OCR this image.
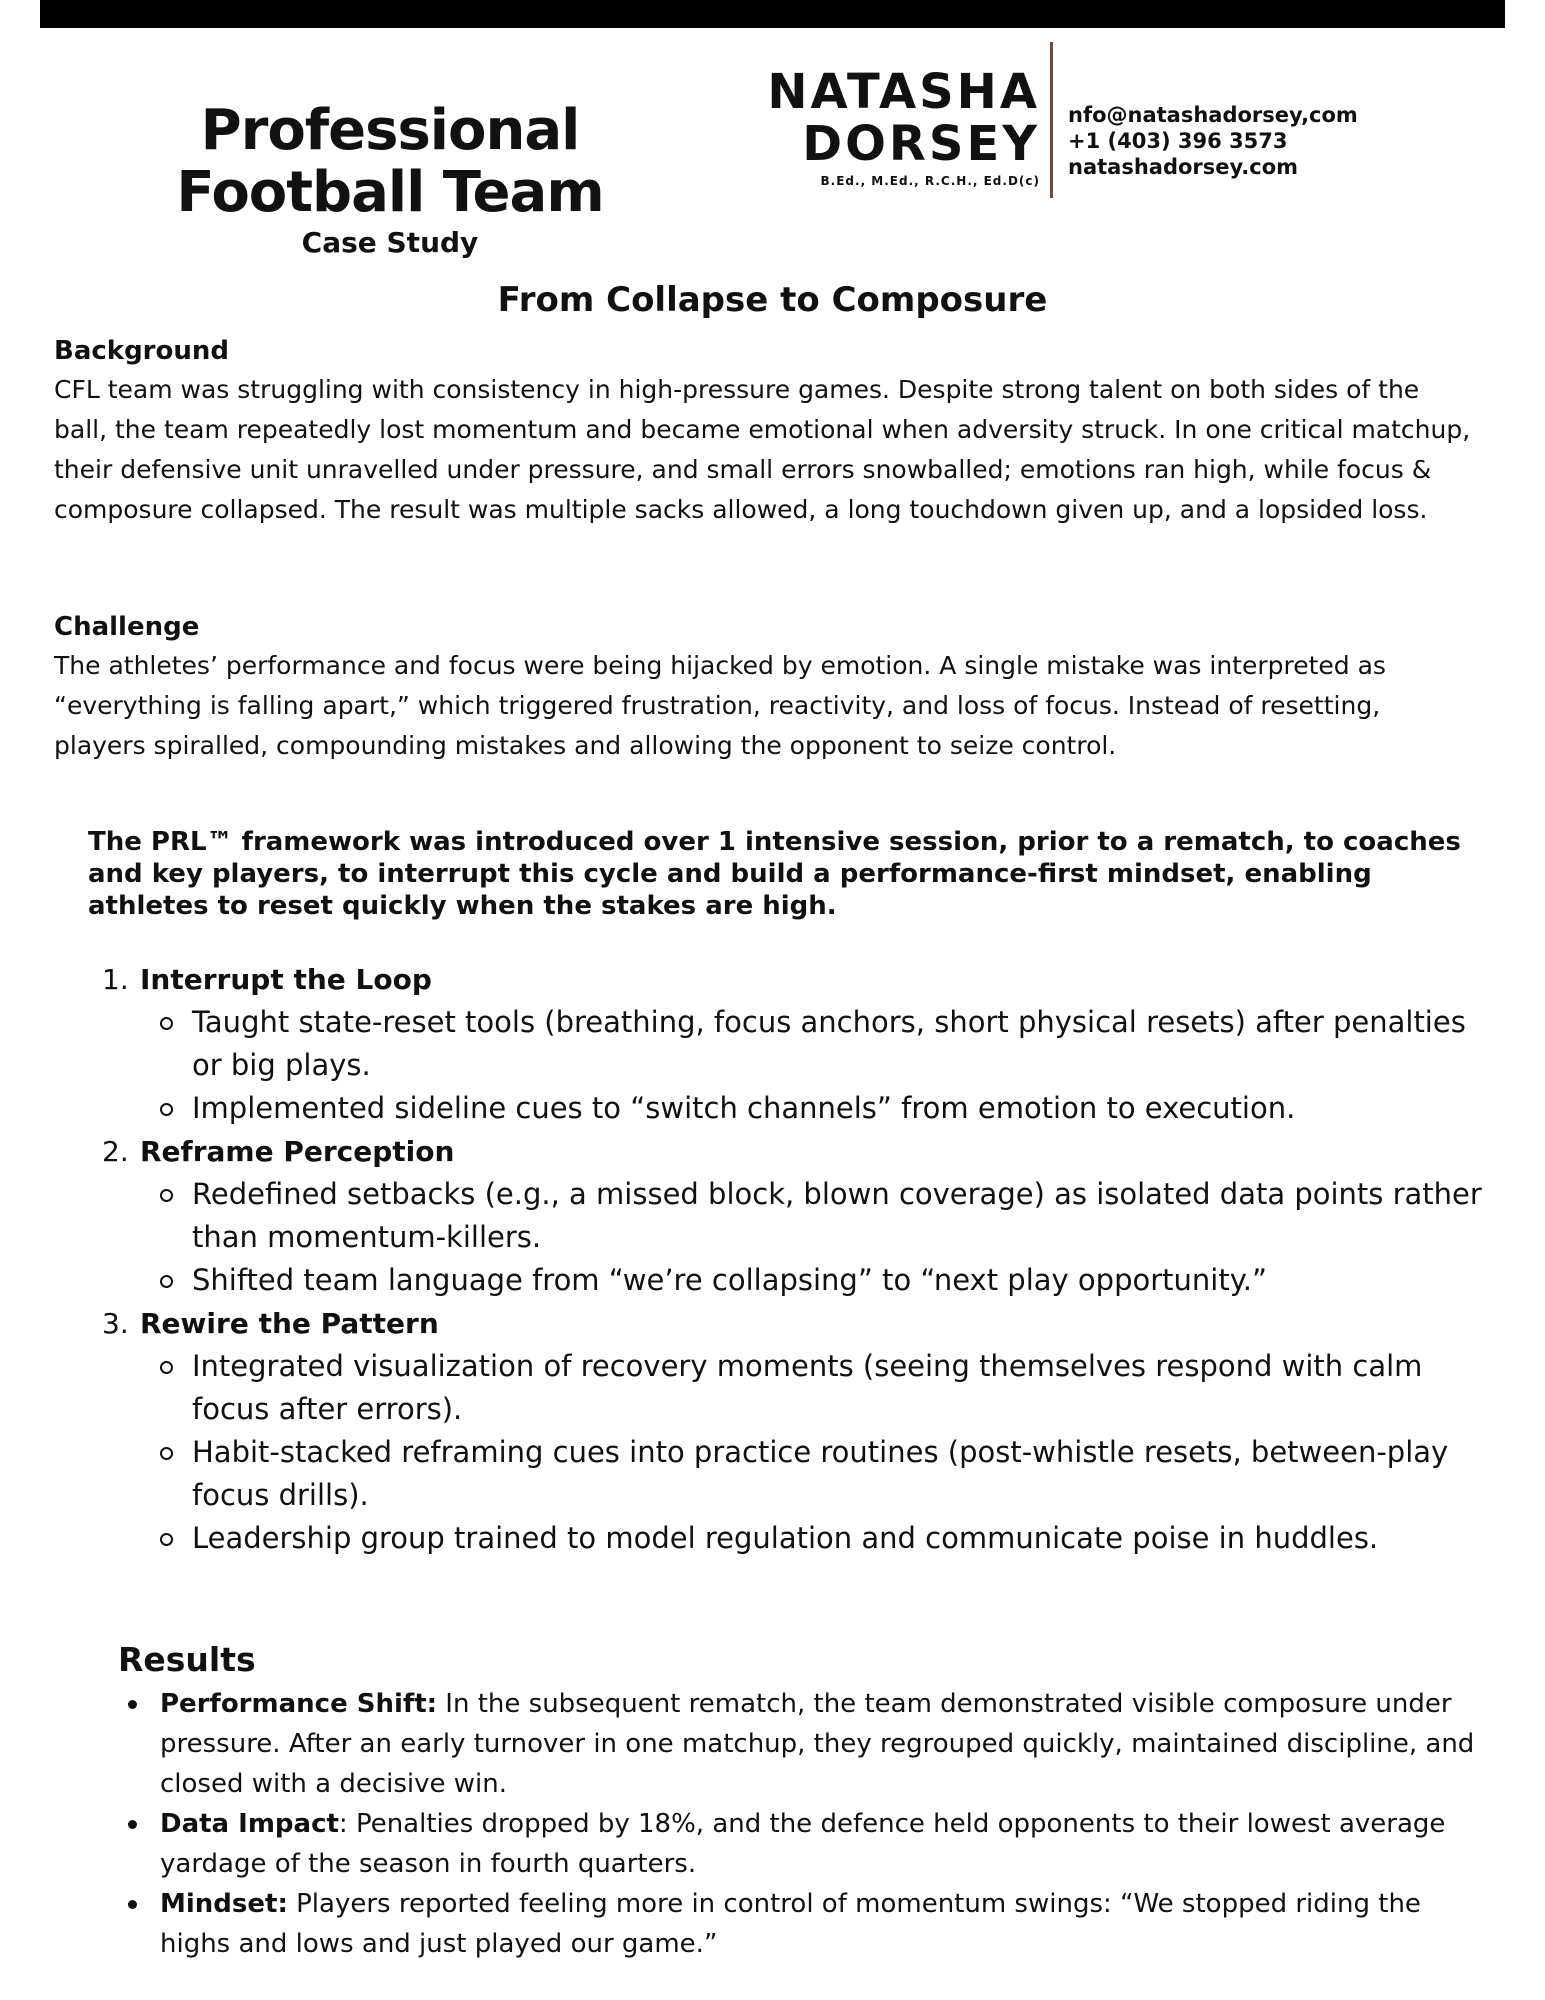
Professional
Football Team
Case Study
NATASHA
DORSEY
B.Ed., M.Ed., R.C.H., Ed.D(c)
nfo@natashadorsey,com
+1 (403) 396 3573
natashadorsey.com
From Collapse to Composure
Background
CFL team was struggling with consistency in high-pressure games. Despite strong talent on both sides of the ball, the team repeatedly lost momentum and became emotional when adversity struck. In one critical matchup, their defensive unit unravelled under pressure, and small errors snowballed; emotions ran high, while focus & composure collapsed. The result was multiple sacks allowed, a long touchdown given up, and a lopsided loss.
Challenge
The athletes’ performance and focus were being hijacked by emotion. A single mistake was interpreted as “everything is falling apart,” which triggered frustration, reactivity, and loss of focus. Instead of resetting, players spiralled, compounding mistakes and allowing the opponent to seize control.
The PRL™ framework was introduced over 1 intensive session, prior to a rematch, to coaches and key players, to interrupt this cycle and build a performance-first mindset, enabling athletes to reset quickly when the stakes are high.
1. Interrupt the Loop
Taught state-reset tools (breathing, focus anchors, short physical resets) after penalties or big plays.
Implemented sideline cues to “switch channels” from emotion to execution.
2. Reframe Perception
Redefined setbacks (e.g., a missed block, blown coverage) as isolated data points rather than momentum-killers.
Shifted team language from “we’re collapsing” to “next play opportunity.”
3. Rewire the Pattern
Integrated visualization of recovery moments (seeing themselves respond with calm focus after errors).
Habit-stacked reframing cues into practice routines (post-whistle resets, between-play focus drills).
Leadership group trained to model regulation and communicate poise in huddles.
Results
Performance Shift: In the subsequent rematch, the team demonstrated visible composure under pressure. After an early turnover in one matchup, they regrouped quickly, maintained discipline, and closed with a decisive win.
Data Impact: Penalties dropped by 18%, and the defence held opponents to their lowest average yardage of the season in fourth quarters.
Mindset: Players reported feeling more in control of momentum swings: “We stopped riding the highs and lows and just played our game.”
